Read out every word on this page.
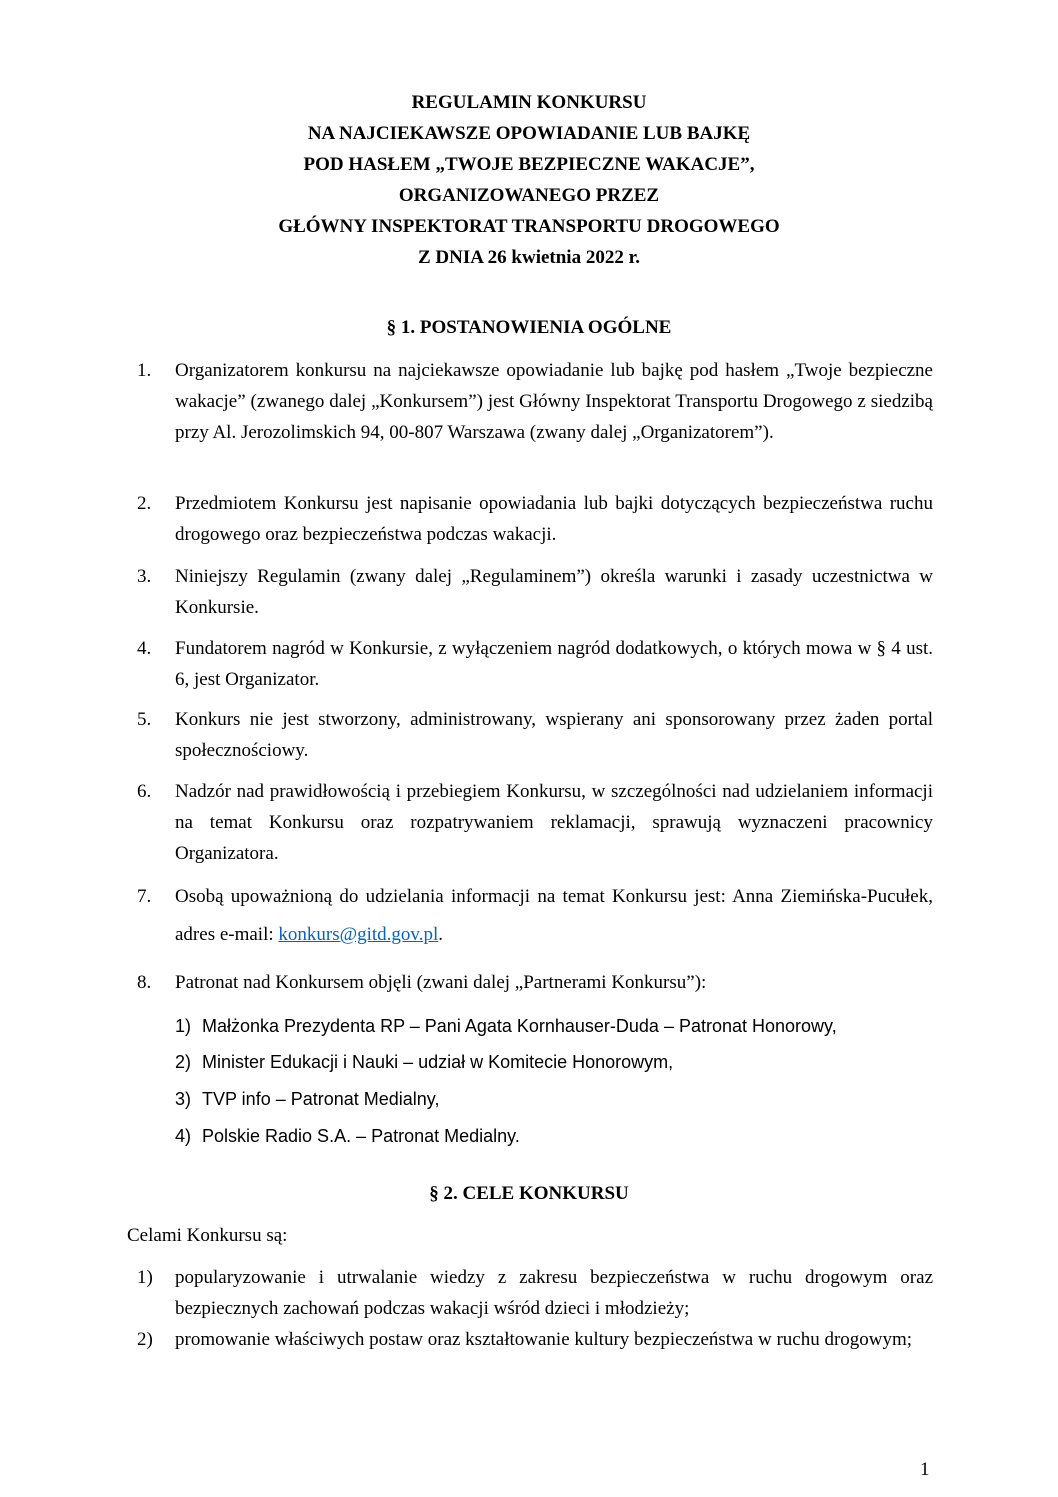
REGULAMIN KONKURSU
NA NAJCIEKAWSZE OPOWIADANIE LUB BAJKĘ
POD HASŁEM „TWOJE BEZPIECZNE WAKACJE”,
ORGANIZOWANEGO PRZEZ
GŁÓWNY INSPEKTORAT TRANSPORTU DROGOWEGO
Z DNIA 26 kwietnia 2022 r.
§ 1. POSTANOWIENIA OGÓLNE
1.	Organizatorem konkursu na najciekawsze opowiadanie lub bajkę pod hasłem „Twoje bezpieczne wakacje” (zwanego dalej „Konkursem”) jest Główny Inspektorat Transportu Drogowego z siedzibą przy Al. Jerozolimskich 94, 00-807 Warszawa (zwany dalej „Organizatorem”).
2.	Przedmiotem Konkursu jest napisanie opowiadania lub bajki dotyczących bezpieczeństwa ruchu drogowego oraz bezpieczeństwa podczas wakacji.
3.	Niniejszy Regulamin (zwany dalej „Regulaminem”) określa warunki i zasady uczestnictwa w Konkursie.
4.	Fundatorem nagród w Konkursie, z wyłączeniem nagród dodatkowych, o których mowa w § 4 ust. 6, jest Organizator.
5.	Konkurs nie jest stworzony, administrowany, wspierany ani sponsorowany przez żaden portal społecznościowy.
6.	Nadzór nad prawidłowością i przebiegiem Konkursu, w szczególności nad udzielaniem informacji na temat Konkursu oraz rozpatrywaniem reklamacji, sprawują wyznaczeni pracownicy Organizatora.
7.	Osobą upoważnioną do udzielania informacji na temat Konkursu jest: Anna Ziemińska-Pucułek, adres e-mail: konkurs@gitd.gov.pl.
8.	Patronat nad Konkursem objęli (zwani dalej „Partnerami Konkursu”):
1) Małżonka Prezydenta RP – Pani Agata Kornhauser-Duda – Patronat Honorowy,
2) Minister Edukacji i Nauki – udział w Komitecie Honorowym,
3) TVP info – Patronat Medialny,
4) Polskie Radio S.A. – Patronat Medialny.
§ 2. CELE KONKURSU
Celami Konkursu są:
1) popularyzowanie i utrwalanie wiedzy z zakresu bezpieczeństwa w ruchu drogowym oraz bezpiecznych zachowań podczas wakacji wśród dzieci i młodzieży;
2) promowanie właściwych postaw oraz kształtowanie kultury bezpieczeństwa w ruchu drogowym;
1
